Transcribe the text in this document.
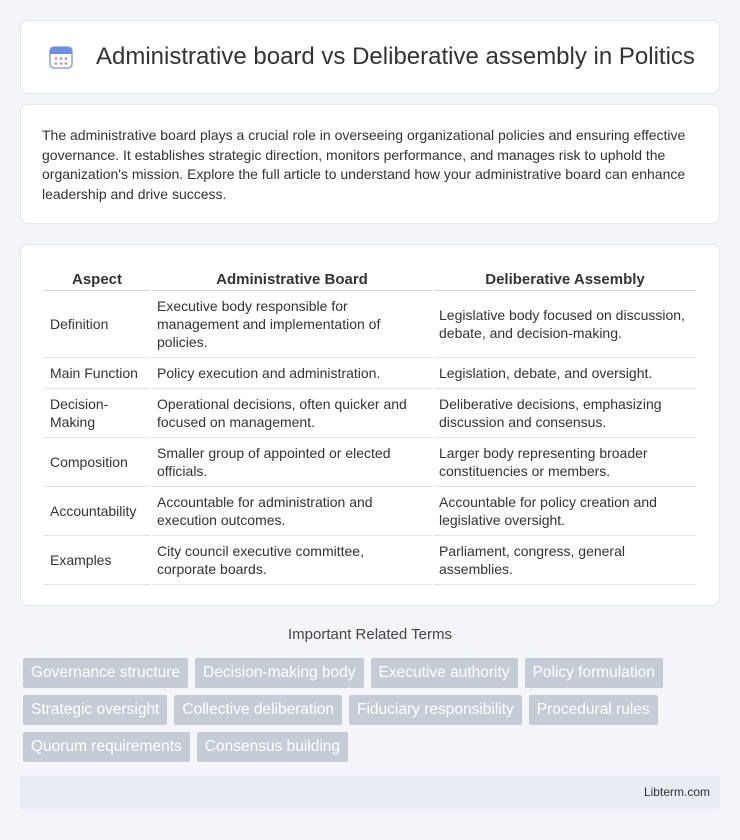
Administrative board vs Deliberative assembly in Politics

The administrative board plays a crucial role in overseeing organizational policies and ensuring effective governance. It establishes strategic direction, monitors performance, and manages risk to uphold the organization's mission. Explore the full article to understand how your administrative board can enhance leadership and drive success.

Aspect	Administrative Board	Deliberative Assembly
Definition	Executive body responsible for management and implementation of policies.	Legislative body focused on discussion, debate, and decision-making.
Main Function	Policy execution and administration.	Legislation, debate, and oversight.
Decision-Making	Operational decisions, often quicker and focused on management.	Deliberative decisions, emphasizing discussion and consensus.
Composition	Smaller group of appointed or elected officials.	Larger body representing broader constituencies or members.
Accountability	Accountable for administration and execution outcomes.	Accountable for policy creation and legislative oversight.
Examples	City council executive committee, corporate boards.	Parliament, congress, general assemblies.
Important Related Terms
Governance structure	Decision-making body	Executive authority	Policy formulation
Strategic oversight	Collective deliberation	Fiduciary responsibility	Procedural rules
Quorum requirements	Consensus building
Libterm.com
